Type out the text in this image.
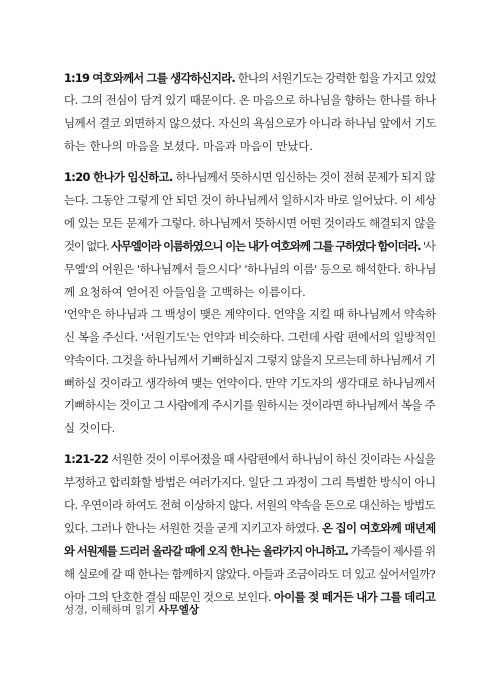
1:19 여호와께서 그를 생각하신지라. 한나의 서원기도는 강력한 힘을 가지고 있었
다. 그의 전심이 담겨 있기 때문이다. 온 마음으로 하나님을 향하는 한나를 하나
님께서 결코 외면하지 않으셨다. 자신의 욕심으로가 아니라 하나님 앞에서 기도
하는 한나의 마음을 보셨다. 마음과 마음이 만났다.
1:20 한나가 임신하고. 하나님께서 뜻하시면 임신하는 것이 전혀 문제가 되지 않
는다. 그동안 그렇게 안 되던 것이 하나님께서 일하시자 바로 일어났다. 이 세상
에 있는 모든 문제가 그렇다. 하나님께서 뜻하시면 어떤 것이라도 해결되지 않을
것이 없다. 사무엘이라 이름하였으니 이는 내가 여호와께 그를 구하였다 함이더라. '사
무엘'의 어원은 '하나님께서 들으시다' '하나님의 이름' 등으로 해석한다. 하나님
께 요청하여 얻어진 아들임을 고백하는 이름이다.
'언약'은 하나님과 그 백성이 맺은 계약이다. 언약을 지킬 때 하나님께서 약속하
신 복을 주신다. '서원기도'는 언약과 비슷하다. 그런데 사람 편에서의 일방적인
약속이다. 그것을 하나님께서 기뻐하실지 그렇지 않을지 모르는데 하나님께서 기
뻐하실 것이라고 생각하여 맺는 언약이다. 만약 기도자의 생각대로 하나님께서
기뻐하시는 것이고 그 사람에게 주시기를 원하시는 것이라면 하나님께서 복을 주
실 것이다.
1:21-22 서원한 것이 이루어졌을 때 사람편에서 하나님이 하신 것이라는 사실을
부정하고 합리화할 방법은 여러가지다. 일단 그 과정이 그리 특별한 방식이 아니
다. 우연이라 하여도 전혀 이상하지 않다. 서원의 약속을 돈으로 대신하는 방법도
있다. 그러나 한나는 서원한 것을 굳게 지키고자 하였다. 온 집이 여호와께 매년제
와 서원제를 드리러 올라갈 때에 오직 한나는 올라가지 아니하고. 가족들이 제사를 위
해 실로에 갈 때 한나는 함께하지 않았다. 아들과 조금이라도 더 있고 싶어서일까?
아마 그의 단호한 결심 때문인 것으로 보인다. 아이를 젖 떼거든 내가 그를 데리고
성경, 이해하며 읽기 사무엘상
